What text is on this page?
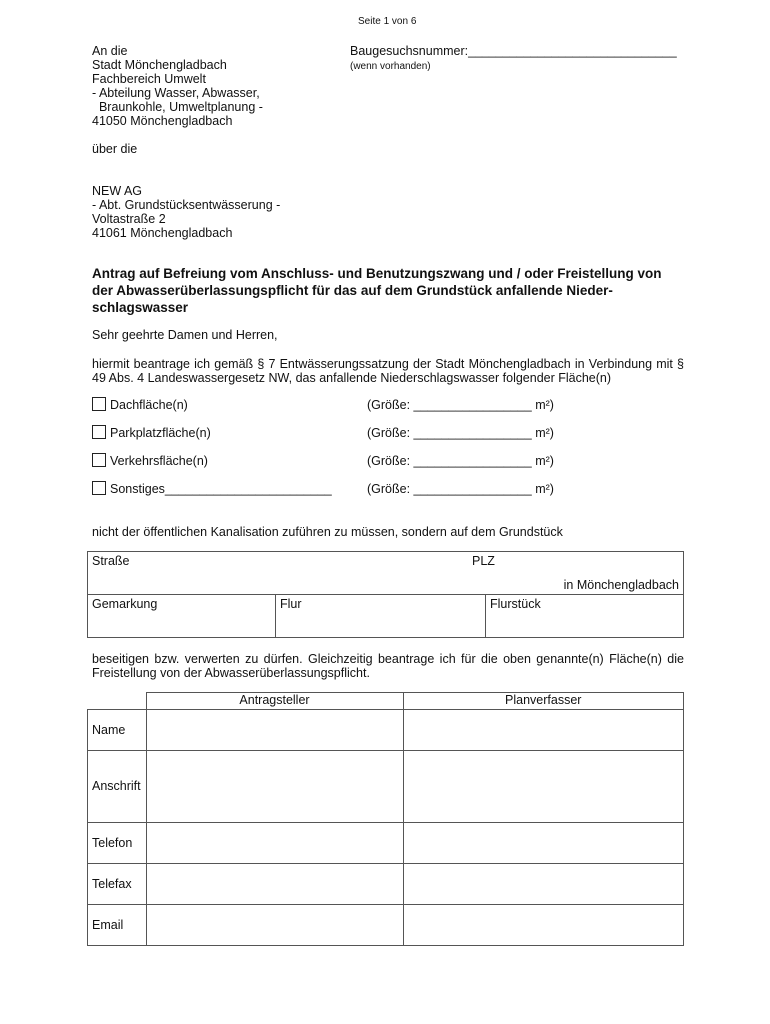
Seite 1 von 6
An die
Stadt Mönchengladbach
Fachbereich Umwelt
- Abteilung Wasser, Abwasser,
Braunkohle, Umweltplanung -
41050 Mönchengladbach
Baugesuchsnummer:______________________________
(wenn vorhanden)
über die
NEW AG
- Abt. Grundstücksentwässerung -
Voltastraße 2
41061 Mönchengladbach
Antrag auf Befreiung vom Anschluss- und Benutzungszwang und / oder Freistellung von der Abwasserüberlassungspflicht für das auf dem Grundstück anfallende Nieder-schlagswasser
Sehr geehrte Damen und Herren,
hiermit beantrage ich gemäß § 7 Entwässerungssatzung der Stadt Mönchengladbach in Verbindung mit § 49 Abs. 4 Landeswassergesetz NW, das anfallende Niederschlagswasser folgender Fläche(n)
Dachfläche(n)	(Größe: _________________ m²)
Parkplatzfläche(n)	(Größe: _________________ m²)
Verkehrsfläche(n)	(Größe: _________________ m²)
Sonstiges________________________	(Größe: _________________ m²)
nicht der öffentlichen Kanalisation zuführen zu müssen, sondern auf dem Grundstück
Straße	PLZ
in Mönchengladbach

Gemarkung	Flur	Flurstück
beseitigen bzw. verwerten zu dürfen. Gleichzeitig beantrage ich für die oben genannte(n) Fläche(n) die Freistellung von der Abwasserüberlassungspflicht.
	Antragsteller	Planverfasser
Name		
Anschrift		
Telefon		
Telefax		
Email		
